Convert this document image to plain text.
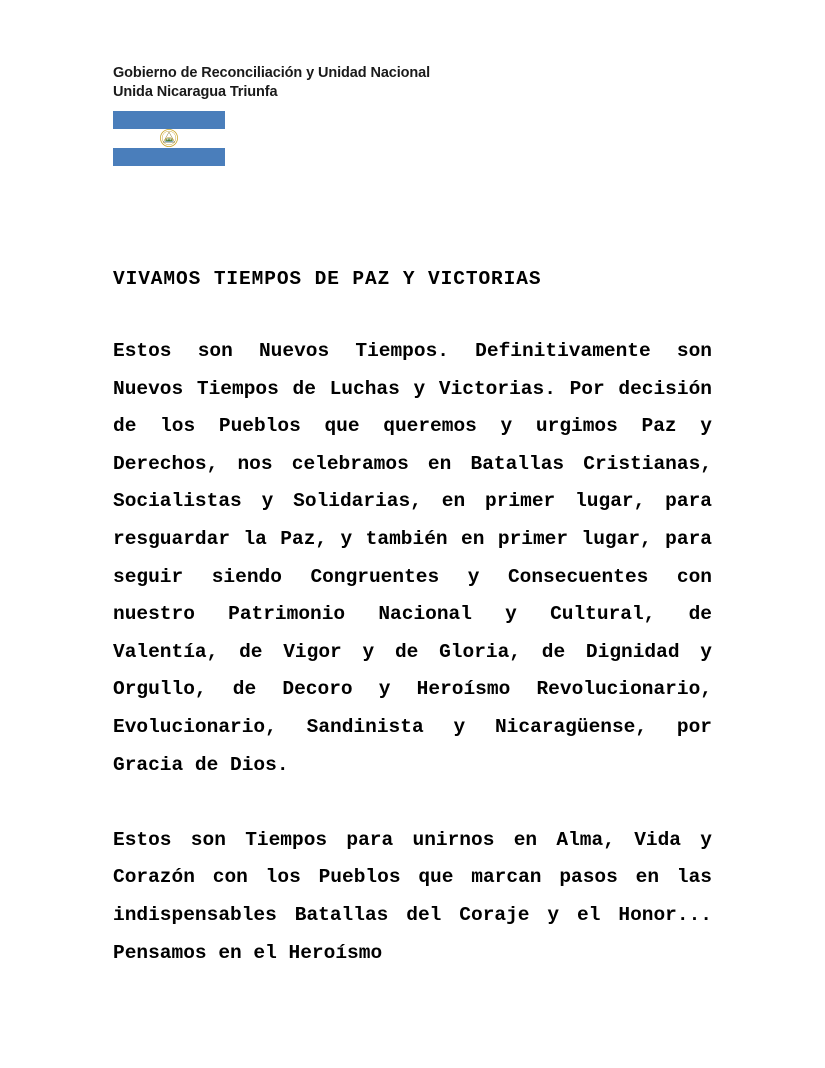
Gobierno de Reconciliación y Unidad Nacional
Unida Nicaragua Triunfa
VIVAMOS TIEMPOS DE PAZ Y VICTORIAS

Estos son Nuevos Tiempos. Definitivamente son Nuevos Tiempos de Luchas y Victorias. Por decisión de los Pueblos que queremos y urgimos Paz y Derechos, nos celebramos en Batallas Cristianas, Socialistas y Solidarias, en primer lugar, para resguardar la Paz, y también en primer lugar, para seguir siendo Congruentes y Consecuentes con nuestro Patrimonio Nacional y Cultural, de Valentía, de Vigor y de Gloria, de Dignidad y Orgullo, de Decoro y Heroísmo Revolucionario, Evolucionario, Sandinista y Nicaragüense, por Gracia de Dios.

Estos son Tiempos para unirnos en Alma, Vida y Corazón con los Pueblos que marcan pasos en las indispensables Batallas del Coraje y el Honor... Pensamos en el Heroísmo
